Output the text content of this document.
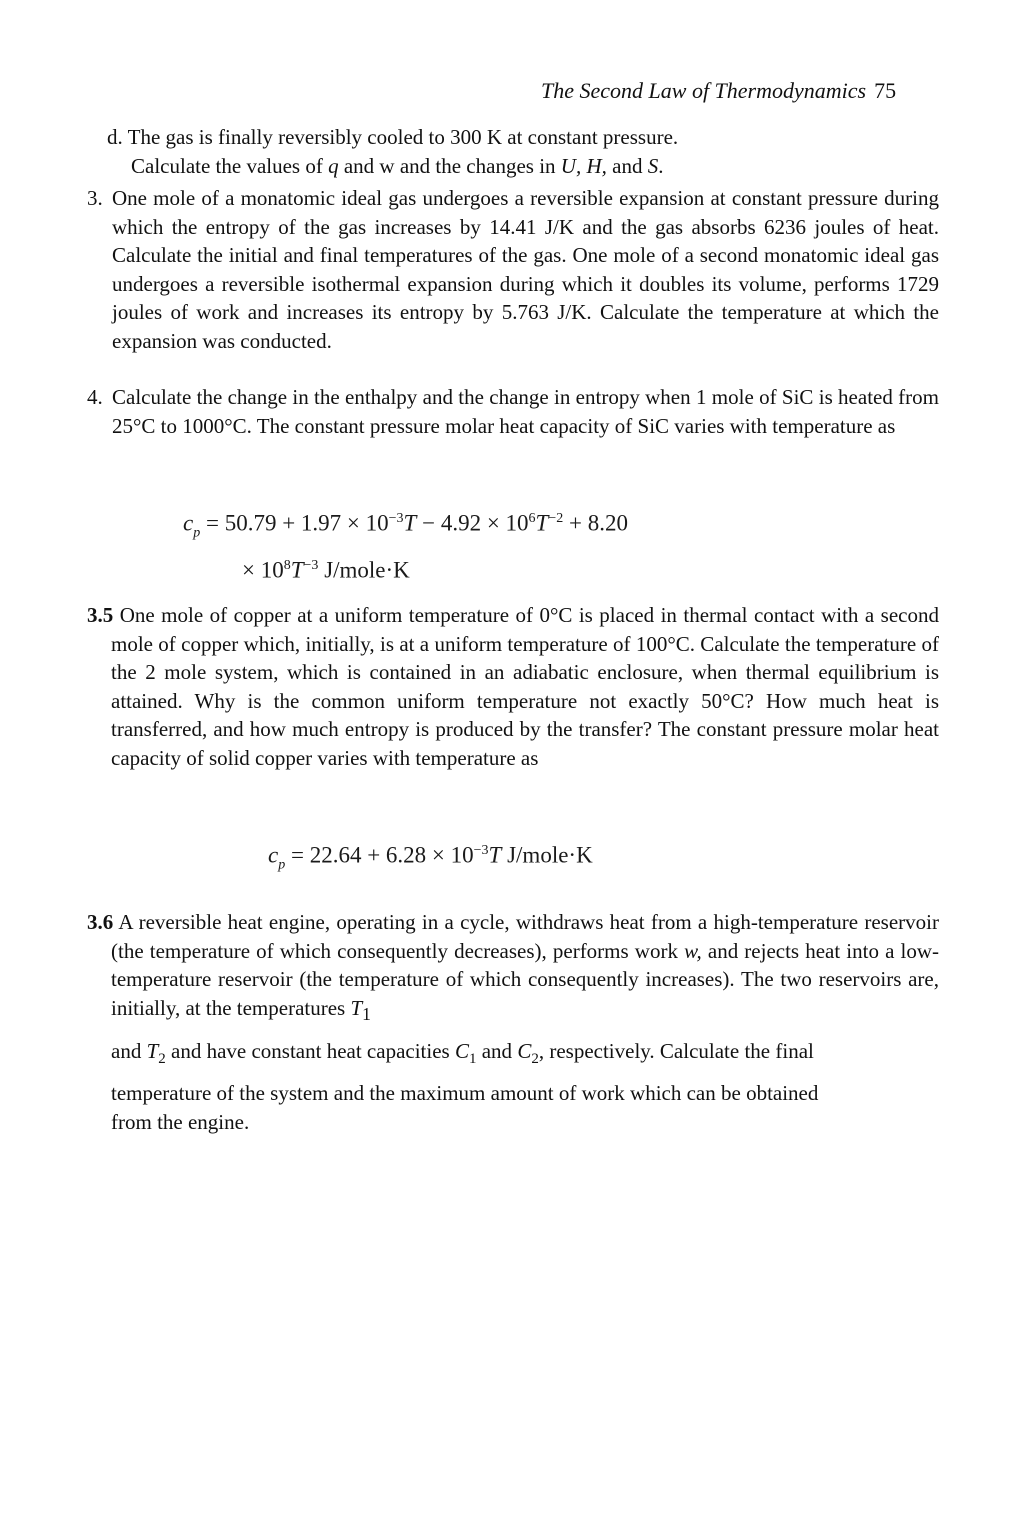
The Second Law of Thermodynamics 75
d. The gas is finally reversibly cooled to 300 K at constant pressure.
Calculate the values of q and w and the changes in U, H, and S.
3. One mole of a monatomic ideal gas undergoes a reversible expansion at constant pressure during which the entropy of the gas increases by 14.41 J/K and the gas absorbs 6236 joules of heat. Calculate the initial and final temperatures of the gas. One mole of a second monatomic ideal gas undergoes a reversible isothermal expansion during which it doubles its volume, performs 1729 joules of work and increases its entropy by 5.763 J/K. Calculate the temperature at which the expansion was conducted.
4. Calculate the change in the enthalpy and the change in entropy when 1 mole of SiC is heated from 25°C to 1000°C. The constant pressure molar heat capacity of SiC varies with temperature as
$c_p = 50.79 + 1.97 \times 10^{-3}T - 4.92 \times 10^6T^{-2} + 8.20$
× $10^8T^{-3}$ J/mole·K
3.5 One mole of copper at a uniform temperature of 0°C is placed in thermal contact with a second mole of copper which, initially, is at a uniform temperature of 100°C. Calculate the temperature of the 2 mole system, which is contained in an adiabatic enclosure, when thermal equilibrium is attained. Why is the common uniform temperature not exactly 50°C? How much heat is transferred, and how much entropy is produced by the transfer? The constant pressure molar heat capacity of solid copper varies with temperature as
$c_p = 22.64 + 6.28 \times 10^{-3}T$ J/mole·K
3.6 A reversible heat engine, operating in a cycle, withdraws heat from a high-temperature reservoir (the temperature of which consequently decreases), performs work w, and rejects heat into a low-temperature reservoir (the temperature of which consequently increases). The two reservoirs are, initially, at the temperatures $T_1$
and $T_2$ and have constant heat capacities $C_1$ and $C_2$, respectively. Calculate the final
temperature of the system and the maximum amount of work which can be obtained
from the engine.
